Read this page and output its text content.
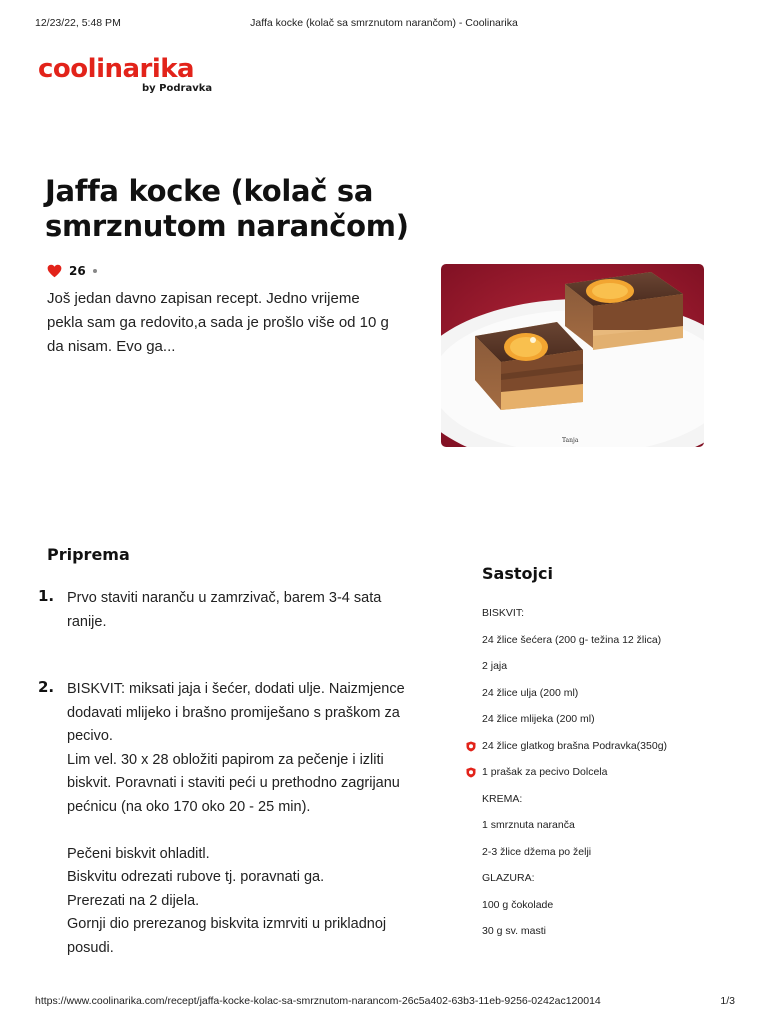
12/23/22, 5:48 PM	Jaffa kocke (kolač sa smrznutom narančom) - Coolinarika
coolinarika
by Podravka
Jaffa kocke (kolač sa smrznutom narančom)
26

Još jedan davno zapisan recept. Jedno vrijeme pekla sam ga redovito,a sada je prošlo više od 10 g da nisam. Evo ga...

Tanja
Priprema
1. Prvo staviti naranču u zamrzivač, barem 3-4 sata ranije.

2. BISKVIT: miksati jaja i šećer, dodati ulje. Naizmjence dodavati mlijeko i brašno promiješano s praškom za pecivo.
Lim vel. 30 x 28 obložiti papirom za pečenje i izliti biskvit. Poravnati i staviti peći u prethodno zagrijanu pećnicu (na oko 170 oko 20 - 25 min).

Pečeni biskvit ohladitl.
Biskvitu odrezati rubove tj. poravnati ga.
Prerezati na 2 dijela.
Gornji dio prerezanog biskvita izmrviti u prikladnoj posudi.

Sastojci
BISKVIT:
24 žlice šećera (200 g- težina 12 žlica)
2 jaja
24 žlice ulja (200 ml)
24 žlice mlijeka (200 ml)
24 žlice glatkog brašna Podravka(350g)
1 prašak za pecivo Dolcela
KREMA:
1 smrznuta naranča
2-3 žlice džema po želji
GLAZURA:
100 g čokolade
30 g sv. masti
https://www.coolinarika.com/recept/jaffa-kocke-kolac-sa-smrznutom-narancom-26c5a402-63b3-11eb-9256-0242ac120014	1/3
